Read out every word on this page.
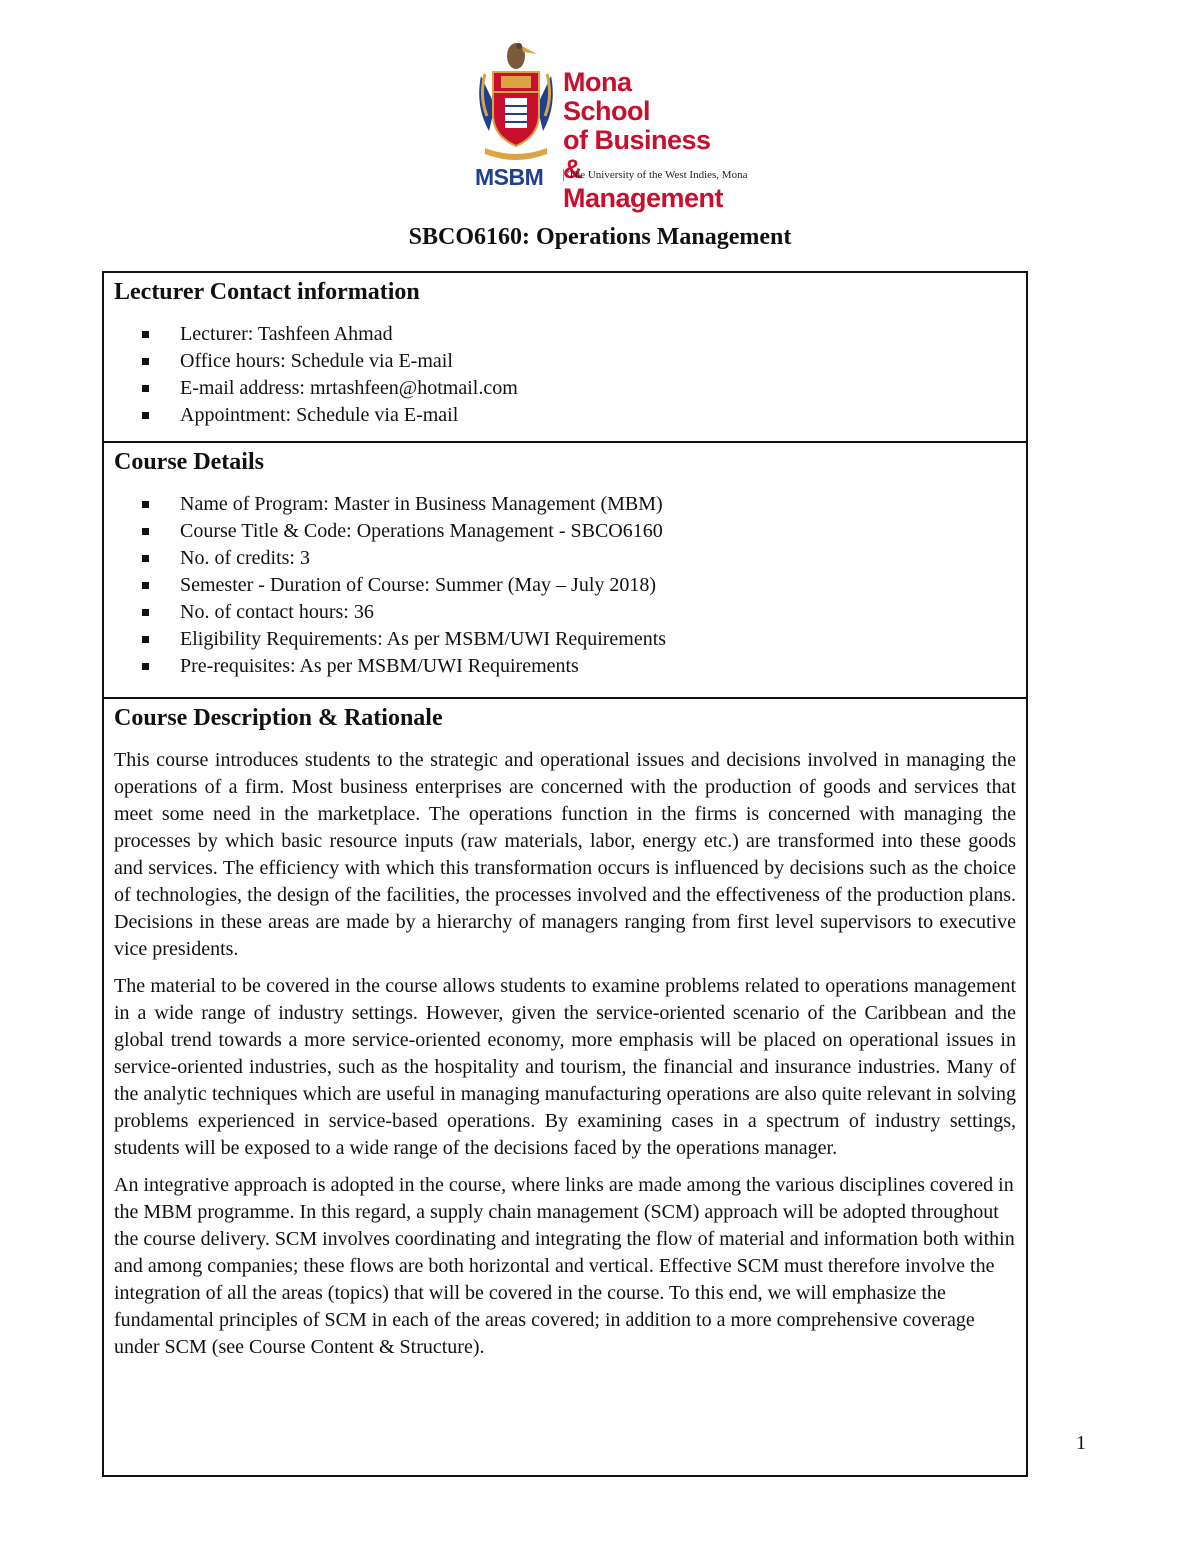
Mona School
of Business &
Management
MSBM	The University of the West Indies, Mona
SBCO6160: Operations Management
Lecturer Contact information
Lecturer: Tashfeen Ahmad
Office hours: Schedule via E-mail
E-mail address: mrtashfeen@hotmail.com
Appointment: Schedule via E-mail
Course Details
Name of Program: Master in Business Management (MBM)
Course Title & Code: Operations Management - SBCO6160
No. of credits: 3
Semester - Duration of Course: Summer (May – July 2018)
No. of contact hours: 36
Eligibility Requirements: As per MSBM/UWI Requirements
Pre-requisites: As per MSBM/UWI Requirements
Course Description & Rationale

This course introduces students to the strategic and operational issues and decisions involved in managing the operations of a firm. Most business enterprises are concerned with the production of goods and services that meet some need in the marketplace. The operations function in the firms is concerned with managing the processes by which basic resource inputs (raw materials, labor, energy etc.) are transformed into these goods and services. The efficiency with which this transformation occurs is influenced by decisions such as the choice of technologies, the design of the facilities, the processes involved and the effectiveness of the production plans. Decisions in these areas are made by a hierarchy of managers ranging from first level supervisors to executive vice presidents.

The material to be covered in the course allows students to examine problems related to operations management in a wide range of industry settings. However, given the service-oriented scenario of the Caribbean and the global trend towards a more service-oriented economy, more emphasis will be placed on operational issues in service-oriented industries, such as the hospitality and tourism, the financial and insurance industries. Many of the analytic techniques which are useful in managing manufacturing operations are also quite relevant in solving problems experienced in service-based operations. By examining cases in a spectrum of industry settings, students will be exposed to a wide range of the decisions faced by the operations manager.

An integrative approach is adopted in the course, where links are made among the various disciplines covered in the MBM programme. In this regard, a supply chain management (SCM) approach will be adopted throughout the course delivery. SCM involves coordinating and integrating the flow of material and information both within and among companies; these flows are both horizontal and vertical. Effective SCM must therefore involve the integration of all the areas (topics) that will be covered in the course. To this end, we will emphasize the fundamental principles of SCM in each of the areas covered; in addition to a more comprehensive coverage under SCM (see Course Content & Structure).

1
